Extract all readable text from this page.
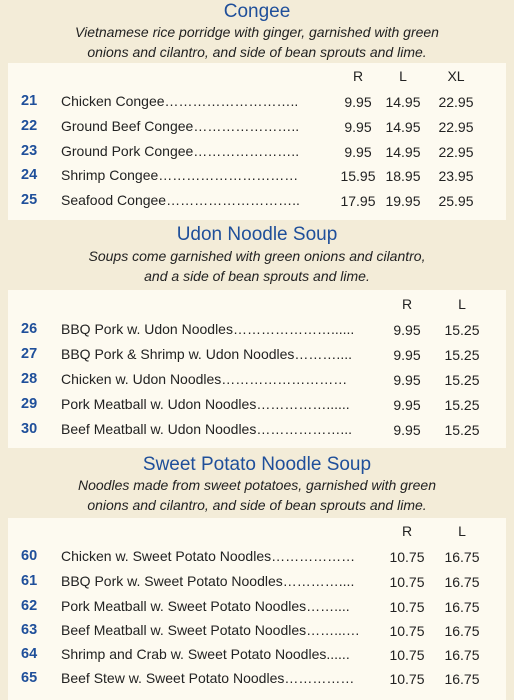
Congee
Vietnamese rice porridge with ginger, garnished with green
onions and cilantro, and side of bean sprouts and lime.
R	L	XL
21	Chicken Congee………………………..	9.95 14.95	22.95
22	Ground Beef Congee…………………..	9.95 14.95	22.95
23	Ground Pork Congee…………………..	9.95 14.95	22.95
24	Shrimp Congee…………………………	15.95 18.95	23.95
25	Seafood Congee………………………..	17.95 19.95	25.95
Udon Noodle Soup
Soups come garnished with green onions and cilantro,
and a side of bean sprouts and lime.
R	L
26	BBQ Pork w. Udon Noodles…………………......	9.95	15.25
27	BBQ Pork & Shrimp w. Udon Noodles………....	9.95	15.25
28	Chicken w. Udon Noodles………………………	9.95	15.25
29	Pork Meatball w. Udon Noodles……………......	9.95	15.25
30	Beef Meatball w. Udon Noodles………………...	9.95	15.25
Sweet Potato Noodle Soup
Noodles made from sweet potatoes, garnished with green
onions and cilantro, and side of bean sprouts and lime.
R	L
60	Chicken w. Sweet Potato Noodles………………	10.75	16.75
61	BBQ Pork w. Sweet Potato Noodles…………....	10.75	16.75
62	Pork Meatball w. Sweet Potato Noodles……....	10.75	16.75
63	Beef Meatball w. Sweet Potato Noodles……...…	10.75	16.75
64	Shrimp and Crab w. Sweet Potato Noodles......	10.75	16.75
65	Beef Stew w. Sweet Potato Noodles……………	10.75	16.75
